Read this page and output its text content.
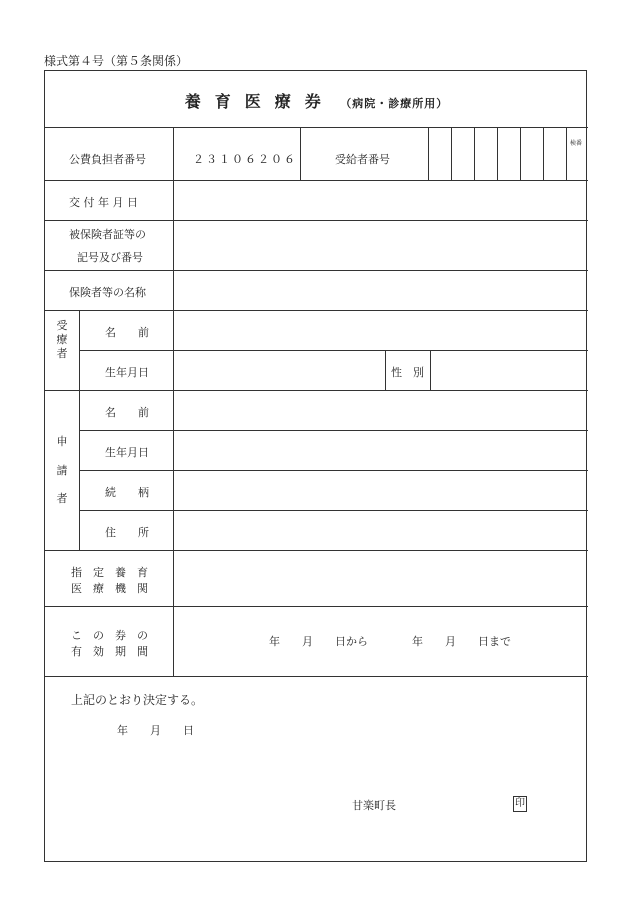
様式第４号（第５条関係）
養育医療券 （病院・診療所用）
公費負担者番号	２３１０６２０６	受給者番号
検番
交 付 年 月 日
被保険者証等の
記号及び番号
保険者等の名称
受療者
名　　前
生年月日	性　別
申請者
名　　前
生年月日
続　　柄
住　　所
指　定　養　育
医　療　機　関
こ　の　券　の
有　効　期　間
年　　月　　日から　　　　年　　月　　日まで
上記のとおり決定する。
年　　月　　日
甘楽町長	印
